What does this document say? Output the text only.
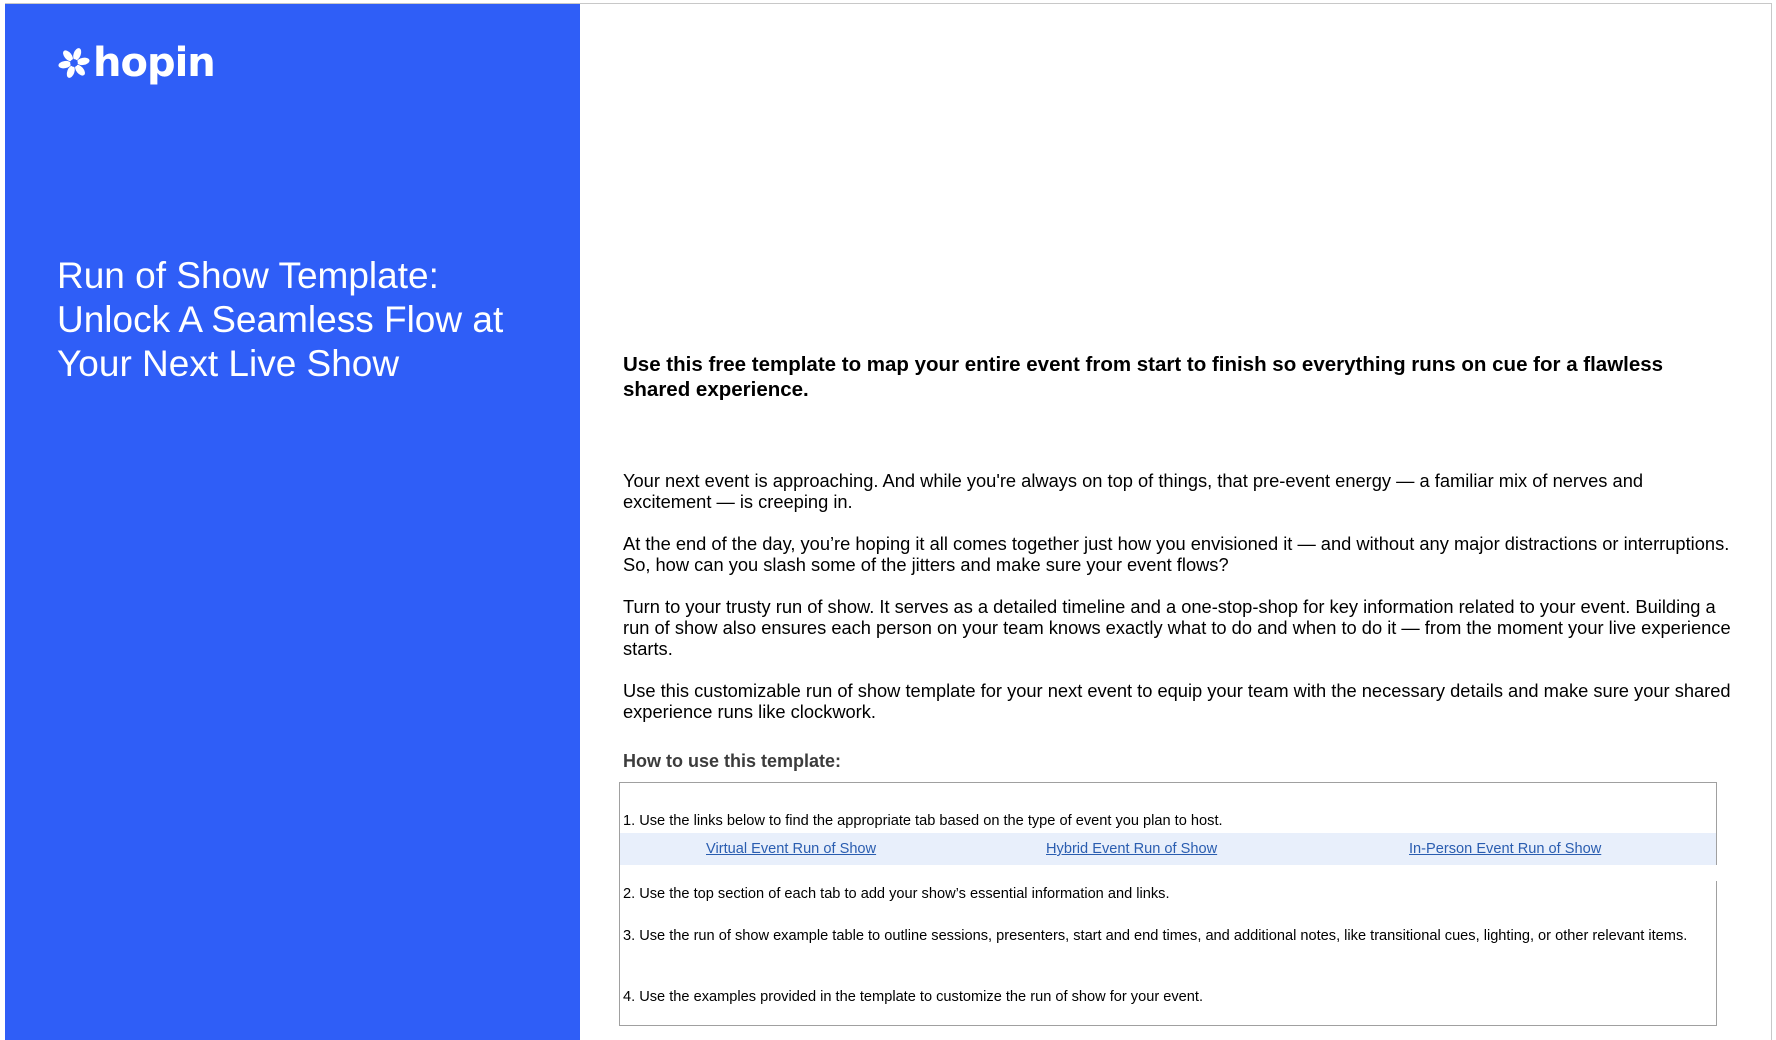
hopin
Run of Show Template:
Unlock A Seamless Flow at
Your Next Live Show	Use this free template to map your entire event from start to finish so everything runs on cue for a flawless shared experience.
Your next event is approaching. And while you're always on top of things, that pre-event energy — a familiar mix of nerves and excitement — is creeping in.
At the end of the day, you’re hoping it all comes together just how you envisioned it — and without any major distractions or interruptions. So, how can you slash some of the jitters and make sure your event flows?
Turn to your trusty run of show. It serves as a detailed timeline and a one-stop-shop for key information related to your event. Building a run of show also ensures each person on your team knows exactly what to do and when to do it — from the moment your live experience starts.
Use this customizable run of show template for your next event to equip your team with the necessary details and make sure your shared experience runs like clockwork.
How to use this template:
1. Use the links below to find the appropriate tab based on the type of event you plan to host.
Virtual Event Run of Show	Hybrid Event Run of Show	In-Person Event Run of Show
2. Use the top section of each tab to add your show’s essential information and links.
3. Use the run of show example table to outline sessions, presenters, start and end times, and additional notes, like transitional cues, lighting, or other relevant items.
4. Use the examples provided in the template to customize the run of show for your event.
